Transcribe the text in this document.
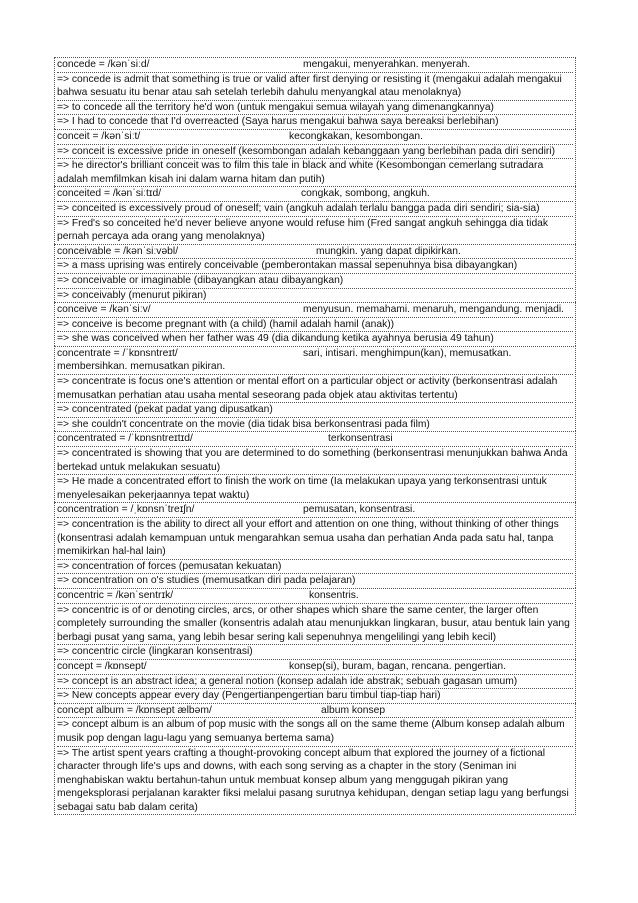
concede = /kənˈsiːd/	mengakui, menyerahkan. menyerah.

=> concede is admit that something is true or valid after first denying or resisting it (mengakui adalah mengakui bahwa sesuatu itu benar atau sah setelah terlebih dahulu menyangkal atau menolaknya)

=> to concede all the territory he'd won (untuk mengakui semua wilayah yang dimenangkannya)

=> I had to concede that I'd overreacted (Saya harus mengakui bahwa saya bereaksi berlebihan)

conceit = /kənˈsiːt/	kecongkakan, kesombongan.

=> conceit is excessive pride in oneself (kesombongan adalah kebanggaan yang berlebihan pada diri sendiri)

=> he director's brilliant conceit was to film this tale in black and white (Kesombongan cemerlang sutradara adalah memfilmkan kisah ini dalam warna hitam dan putih)

conceited = /kənˈsiːtɪd/	congkak, sombong, angkuh.

=> conceited is excessively proud of oneself; vain (angkuh adalah terlalu bangga pada diri sendiri; sia-sia)

=> Fred's so conceited he'd never believe anyone would refuse him (Fred sangat angkuh sehingga dia tidak pernah percaya ada orang yang menolaknya)

conceivable = /kənˈsiːvəbl/	mungkin. yang dapat dipikirkan.

=> a mass uprising was entirely conceivable (pemberontakan massal sepenuhnya bisa dibayangkan)

=> conceivable or imaginable (dibayangkan atau dibayangkan)

=> conceivably (menurut pikiran)

conceive = /kənˈsiːv/	menyusun. memahami. menaruh, mengandung. menjadi.

=> conceive is become pregnant with (a child) (hamil adalah hamil (anak))

=> she was conceived when her father was 49 (dia dikandung ketika ayahnya berusia 49 tahun)

concentrate = /ˈkɒnsntreɪt/	sari, intisari. menghimpun(kan), memusatkan.

membersihkan. memusatkan pikiran.

=> concentrate is focus one's attention or mental effort on a particular object or activity (berkonsentrasi adalah memusatkan perhatian atau usaha mental seseorang pada objek atau aktivitas tertentu)

=> concentrated (pekat padat yang dipusatkan)

=> she couldn't concentrate on the movie (dia tidak bisa berkonsentrasi pada film)

concentrated = /ˈkɒnsntreɪtɪd/	terkonsentrasi

=> concentrated is showing that you are determined to do something (berkonsentrasi menunjukkan bahwa Anda bertekad untuk melakukan sesuatu)

=> He made a concentrated effort to finish the work on time (Ia melakukan upaya yang terkonsentrasi untuk menyelesaikan pekerjaannya tepat waktu)

concentration = /ˌkɒnsnˈtreɪʃn/	pemusatan, konsentrasi.

=> concentration is the ability to direct all your effort and attention on one thing, without thinking of other things (konsentrasi adalah kemampuan untuk mengarahkan semua usaha dan perhatian Anda pada satu hal, tanpa memikirkan hal-hal lain)

=> concentration of forces (pemusatan kekuatan)

=> concentration on o's studies (memusatkan diri pada pelajaran)

concentric = /kənˈsentrɪk/	konsentris.

=> concentric is of or denoting circles, arcs, or other shapes which share the same center, the larger often completely surrounding the smaller (konsentris adalah atau menunjukkan lingkaran, busur, atau bentuk lain yang berbagi pusat yang sama, yang lebih besar sering kali sepenuhnya mengelilingi yang lebih kecil)

=> concentric circle (lingkaran konsentrasi)

concept = /kɒnsept/	konsep(si), buram, bagan, rencana. pengertian.

=> concept is an abstract idea; a general notion (konsep adalah ide abstrak; sebuah gagasan umum)

=> New concepts appear every day (Pengertianpengertian baru timbul tiap-tiap hari)

concept album = /kɒnsept ælbəm/	album konsep

=> concept album is an album of pop music with the songs all on the same theme (Album konsep adalah album musik pop dengan lagu-lagu yang semuanya bertema sama)

=> The artist spent years crafting a thought-provoking concept album that explored the journey of a fictional character through life's ups and downs, with each song serving as a chapter in the story (Seniman ini menghabiskan waktu bertahun-tahun untuk membuat konsep album yang menggugah pikiran yang mengeksplorasi perjalanan karakter fiksi melalui pasang surutnya kehidupan, dengan setiap lagu yang berfungsi sebagai satu bab dalam cerita)
